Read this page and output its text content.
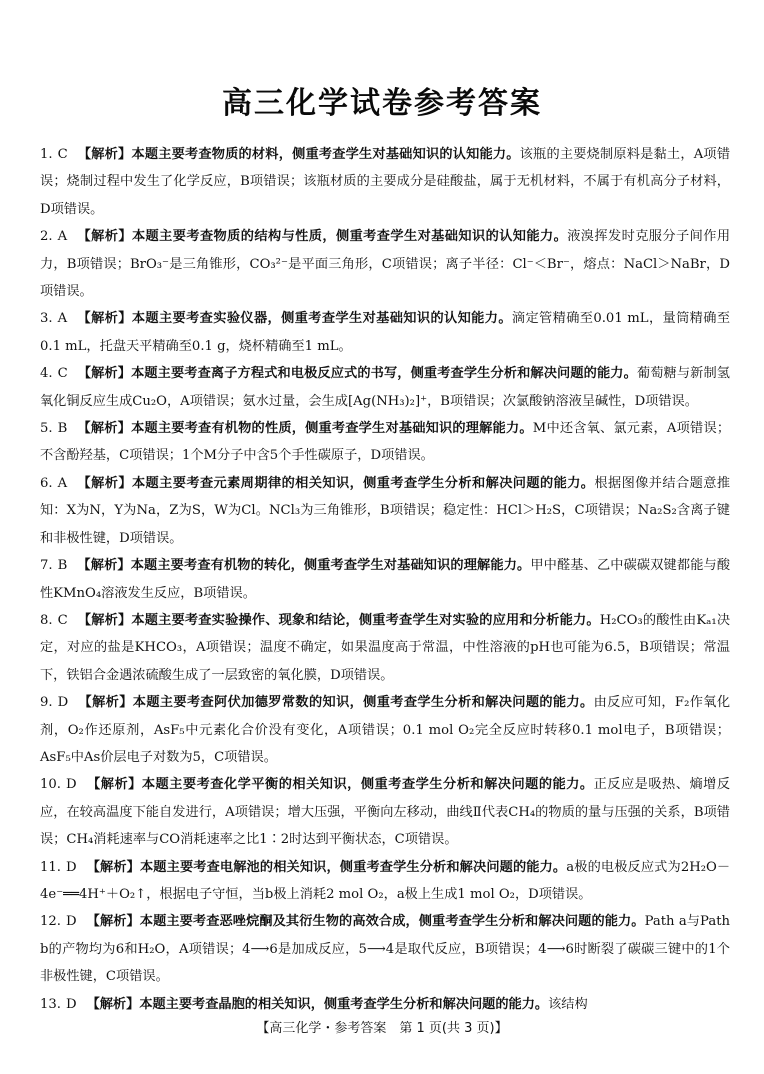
高三化学试卷参考答案
1. C 【解析】本题主要考查物质的材料，侧重考查学生对基础知识的认知能力。该瓶的主要烧制原料是黏土，A项错误；烧制过程中发生了化学反应，B项错误；该瓶材质的主要成分是硅酸盐，属于无机材料，不属于有机高分子材料，D项错误。
2. A 【解析】本题主要考查物质的结构与性质，侧重考查学生对基础知识的认知能力。液溴挥发时克服分子间作用力，B项错误；BrO₃⁻是三角锥形，CO₃²⁻是平面三角形，C项错误；离子半径：Cl⁻＜Br⁻，熔点：NaCl＞NaBr，D项错误。
3. A 【解析】本题主要考查实验仪器，侧重考查学生对基础知识的认知能力。滴定管精确至0.01 mL，量筒精确至0.1 mL，托盘天平精确至0.1 g，烧杯精确至1 mL。
4. C 【解析】本题主要考查离子方程式和电极反应式的书写，侧重考查学生分析和解决问题的能力。葡萄糖与新制氢氧化铜反应生成Cu₂O，A项错误；氨水过量，会生成[Ag(NH₃)₂]⁺，B项错误；次氯酸钠溶液呈碱性，D项错误。
5. B 【解析】本题主要考查有机物的性质，侧重考查学生对基础知识的理解能力。M中还含氧、氯元素，A项错误；不含酚羟基，C项错误；1个M分子中含5个手性碳原子，D项错误。
6. A 【解析】本题主要考查元素周期律的相关知识，侧重考查学生分析和解决问题的能力。根据图像并结合题意推知：X为N，Y为Na，Z为S，W为Cl。NCl₃为三角锥形，B项错误；稳定性：HCl＞H₂S，C项错误；Na₂S₂含离子键和非极性键，D项错误。
7. B 【解析】本题主要考查有机物的转化，侧重考查学生对基础知识的理解能力。甲中醛基、乙中碳碳双键都能与酸性KMnO₄溶液发生反应，B项错误。
8. C 【解析】本题主要考查实验操作、现象和结论，侧重考查学生对实验的应用和分析能力。H₂CO₃的酸性由Kₐ₁决定，对应的盐是KHCO₃，A项错误；温度不确定，如果温度高于常温，中性溶液的pH也可能为6.5，B项错误；常温下，铁铝合金遇浓硫酸生成了一层致密的氧化膜，D项错误。
9. D 【解析】本题主要考查阿伏加德罗常数的知识，侧重考查学生分析和解决问题的能力。由反应可知，F₂作氧化剂，O₂作还原剂，AsF₅中元素化合价没有变化，A项错误；0.1 mol O₂完全反应时转移0.1 mol电子，B项错误；AsF₅中As价层电子对数为5，C项错误。
10. D 【解析】本题主要考查化学平衡的相关知识，侧重考查学生分析和解决问题的能力。正反应是吸热、熵增反应，在较高温度下能自发进行，A项错误；增大压强，平衡向左移动，曲线Ⅱ代表CH₄的物质的量与压强的关系，B项错误；CH₄消耗速率与CO消耗速率之比1∶2时达到平衡状态，C项错误。
11. D 【解析】本题主要考查电解池的相关知识，侧重考查学生分析和解决问题的能力。a极的电极反应式为2H₂O－4e⁻══4H⁺＋O₂↑，根据电子守恒，当b极上消耗2 mol O₂，a极上生成1 mol O₂，D项错误。
12. D 【解析】本题主要考查恶唑烷酮及其衍生物的高效合成，侧重考查学生分析和解决问题的能力。Path a与Path b的产物均为6和H₂O，A项错误；4⟶6是加成反应，5⟶4是取代反应，B项错误；4⟶6时断裂了碳碳三键中的1个非极性键，C项错误。
13. D 【解析】本题主要考查晶胞的相关知识，侧重考查学生分析和解决问题的能力。该结构
【高三化学・参考答案　第 1 页(共 3 页)】
